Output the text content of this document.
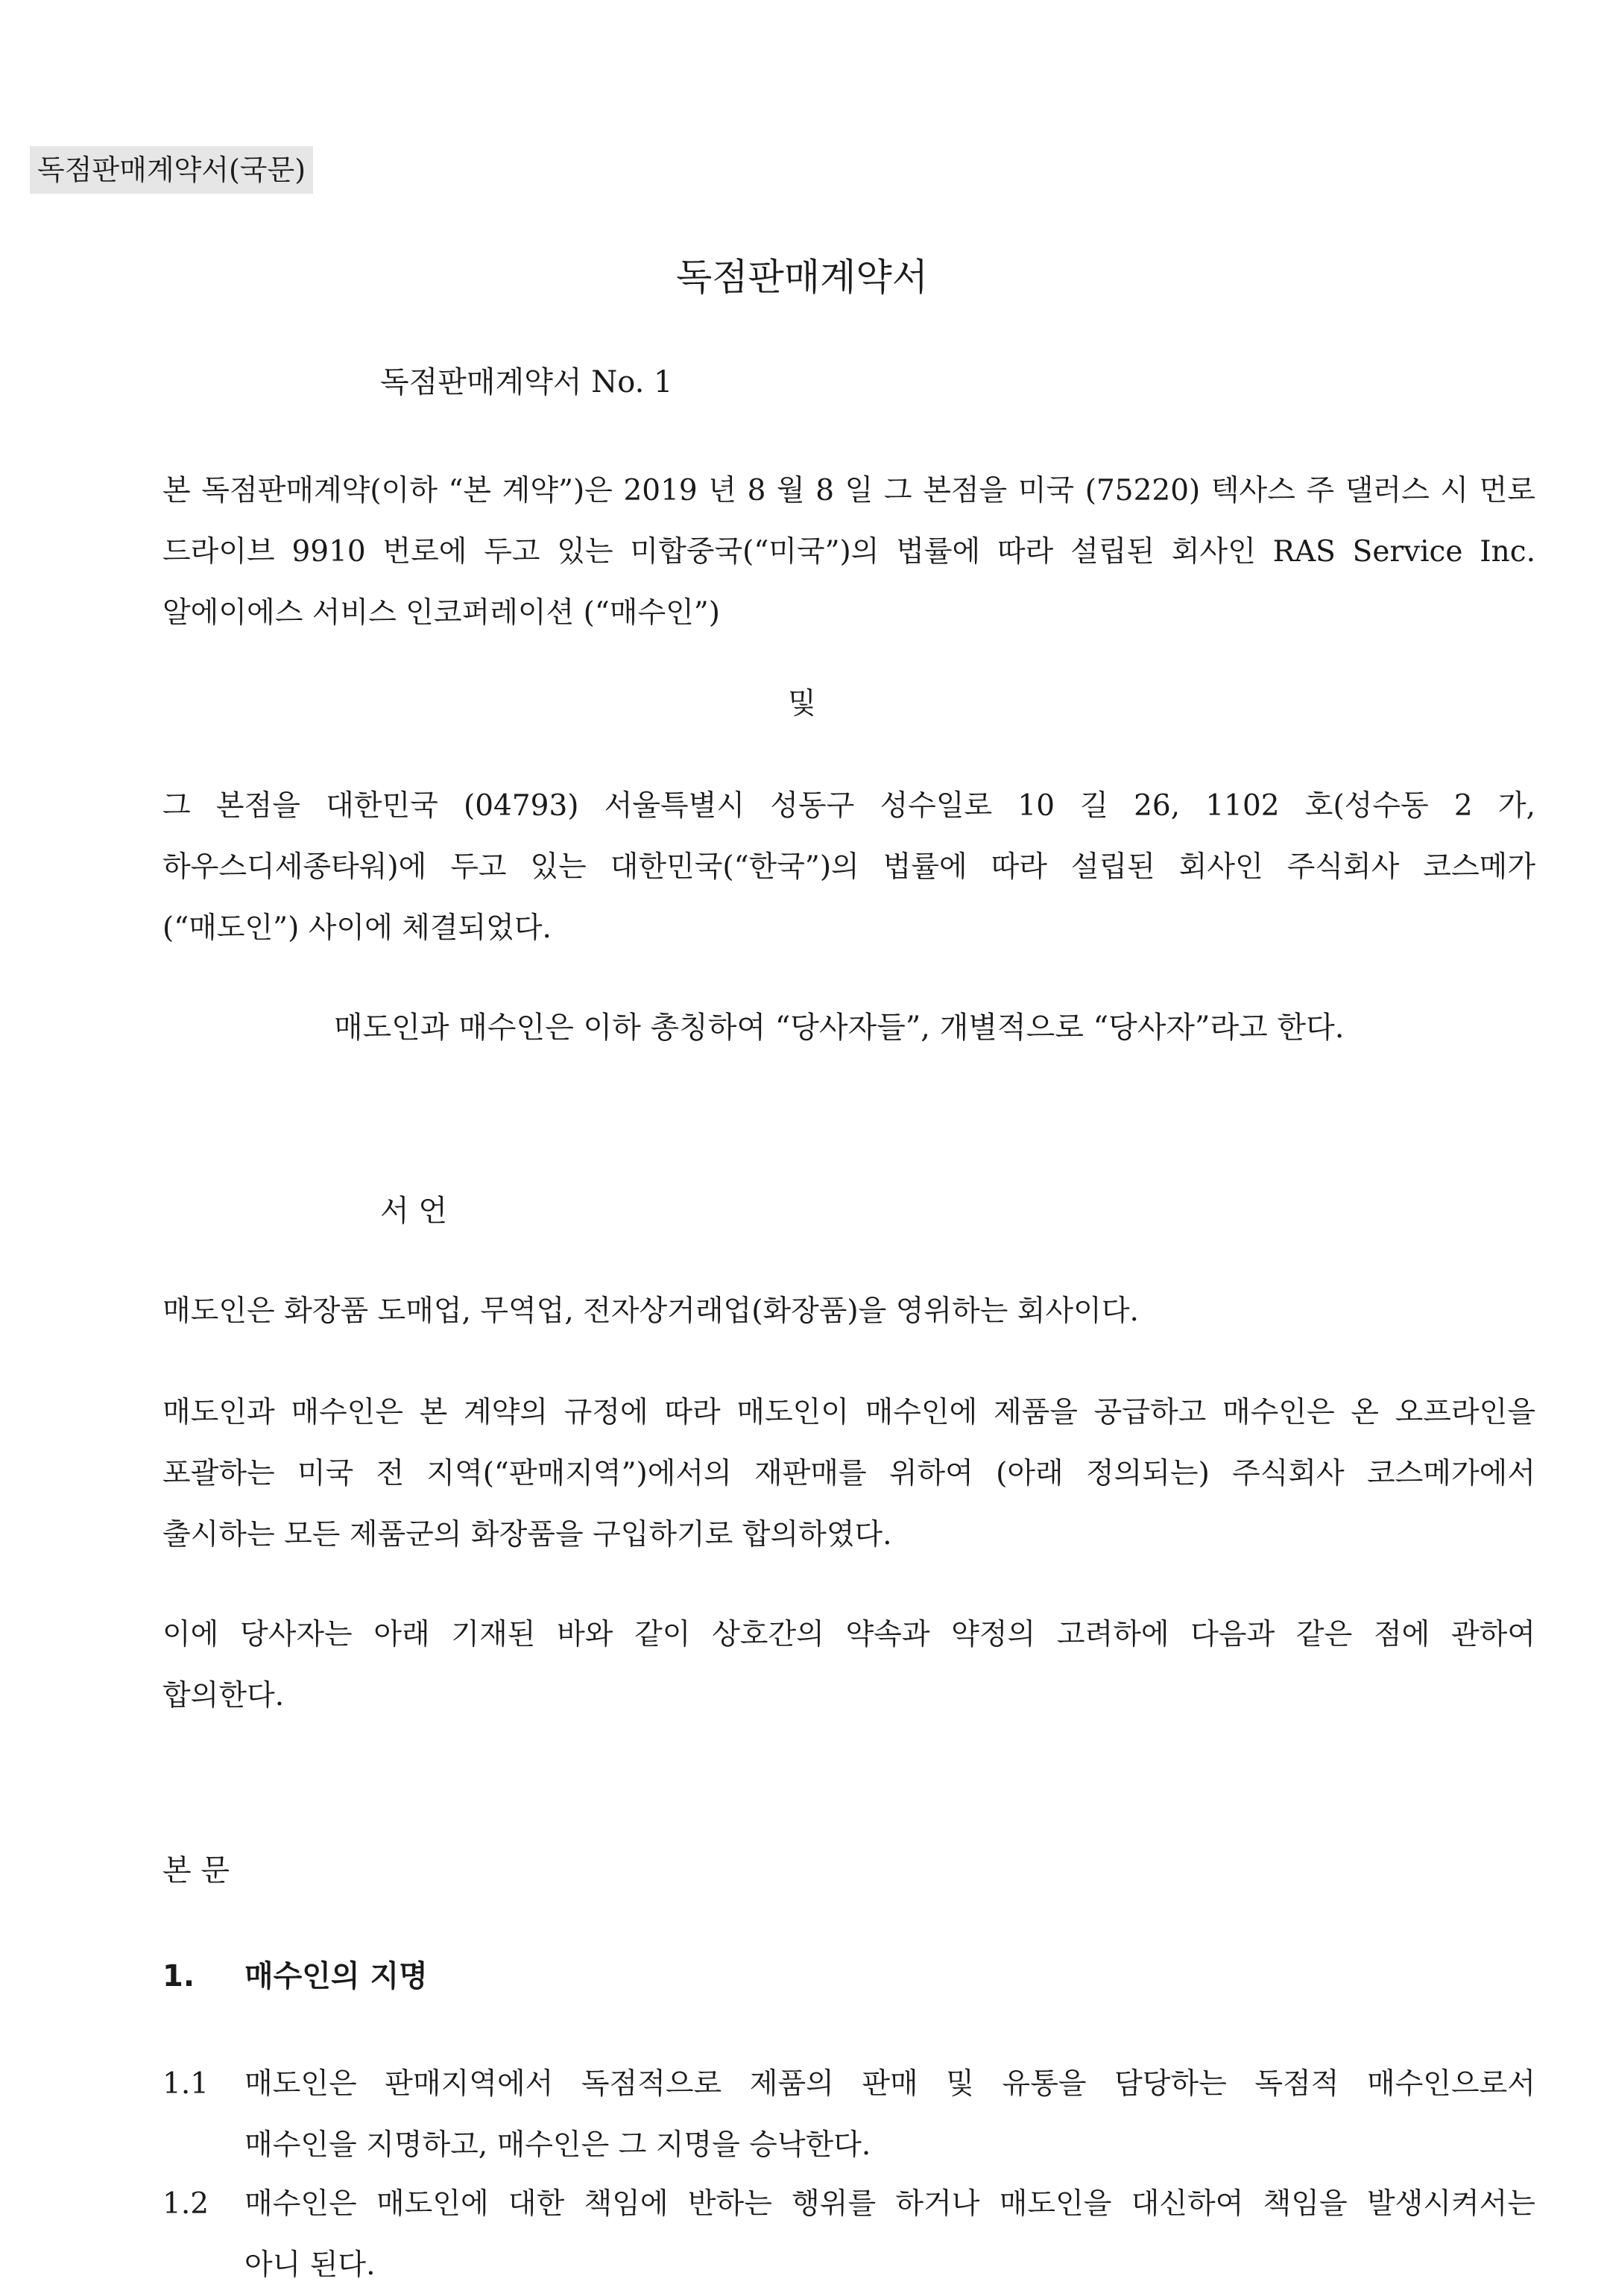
독점판매계약서(국문)
독점판매계약서
독점판매계약서 No. 1
본 독점판매계약(이하 “본 계약”)은 2019 년 8 월 8 일 그 본점을 미국 (75220) 텍사스 주 댈러스 시 먼로
드라이브 9910 번로에 두고 있는 미합중국(“미국”)의 법률에 따라 설립된 회사인 RAS Service Inc.
알에이에스 서비스 인코퍼레이션 (“매수인”)
및
그 본점을 대한민국 (04793) 서울특별시 성동구 성수일로 10 길 26, 1102 호(성수동 2 가,
하우스디세종타워)에 두고 있는 대한민국(“한국”)의 법률에 따라 설립된 회사인 주식회사 코스메가
(“매도인”) 사이에 체결되었다.
매도인과 매수인은 이하 총칭하여 “당사자들”, 개별적으로 “당사자”라고 한다.
서 언
매도인은 화장품 도매업, 무역업, 전자상거래업(화장품)을 영위하는 회사이다.
매도인과 매수인은 본 계약의 규정에 따라 매도인이 매수인에 제품을 공급하고 매수인은 온 오프라인을
포괄하는 미국 전 지역(“판매지역”)에서의 재판매를 위하여 (아래 정의되는) 주식회사 코스메가에서
출시하는 모든 제품군의 화장품을 구입하기로 합의하였다.
이에 당사자는 아래 기재된 바와 같이 상호간의 약속과 약정의 고려하에 다음과 같은 점에 관하여
합의한다.
본 문
1. 매수인의 지명
1.1 매도인은 판매지역에서 독점적으로 제품의 판매 및 유통을 담당하는 독점적 매수인으로서
매수인을 지명하고, 매수인은 그 지명을 승낙한다.
1.2 매수인은 매도인에 대한 책임에 반하는 행위를 하거나 매도인을 대신하여 책임을 발생시켜서는
아니 된다.
